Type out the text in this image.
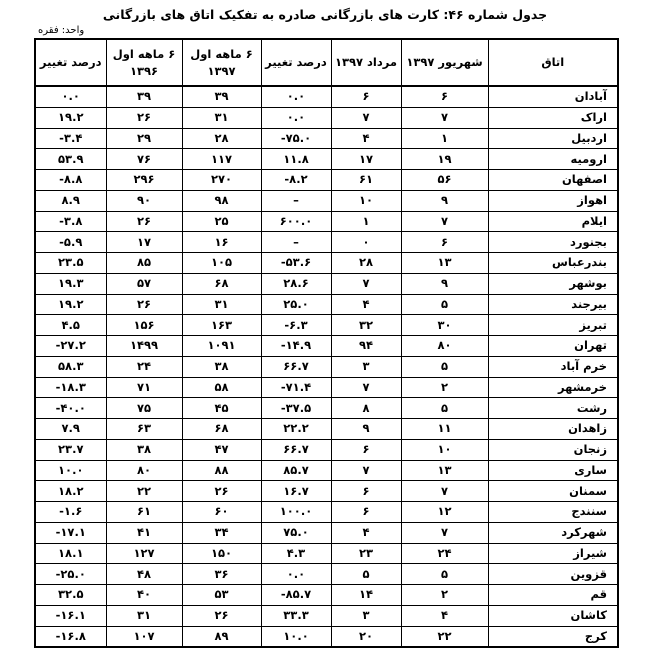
جدول شماره ۴۶: کارت های بازرگانی صادره به تفکیک اتاق های بازرگانی
واحد: فقره
اتاق	شهریور ۱۳۹۷	مرداد ۱۳۹۷	درصد تغییر	۶ ماهه اول ۱۳۹۷	۶ ماهه اول ۱۳۹۶	درصد تغییر
آبادان	۶	۶	۰.۰	۳۹	۳۹	۰.۰
اراک	۷	۷	۰.۰	۳۱	۲۶	۱۹.۲
اردبیل	۱	۴	-۷۵.۰	۲۸	۲۹	-۳.۴
ارومیه	۱۹	۱۷	۱۱.۸	۱۱۷	۷۶	۵۳.۹
اصفهان	۵۶	۶۱	-۸.۲	۲۷۰	۲۹۶	-۸.۸
اهواز	۹	۱۰	–	۹۸	۹۰	۸.۹
ایلام	۷	۱	۶۰۰.۰	۲۵	۲۶	-۳.۸
بجنورد	۶	۰	–	۱۶	۱۷	-۵.۹
بندرعباس	۱۳	۲۸	-۵۳.۶	۱۰۵	۸۵	۲۳.۵
بوشهر	۹	۷	۲۸.۶	۶۸	۵۷	۱۹.۳
بیرجند	۵	۴	۲۵.۰	۳۱	۲۶	۱۹.۲
تبریز	۳۰	۳۲	-۶.۳	۱۶۳	۱۵۶	۴.۵
تهران	۸۰	۹۴	-۱۴.۹	۱۰۹۱	۱۴۹۹	-۲۷.۲
خرم آباد	۵	۳	۶۶.۷	۳۸	۲۴	۵۸.۳
خرمشهر	۲	۷	-۷۱.۴	۵۸	۷۱	-۱۸.۳
رشت	۵	۸	-۳۷.۵	۴۵	۷۵	-۴۰.۰
زاهدان	۱۱	۹	۲۲.۲	۶۸	۶۳	۷.۹
زنجان	۱۰	۶	۶۶.۷	۴۷	۳۸	۲۳.۷
ساری	۱۳	۷	۸۵.۷	۸۸	۸۰	۱۰.۰
سمنان	۷	۶	۱۶.۷	۲۶	۲۲	۱۸.۲
سنندج	۱۲	۶	۱۰۰.۰	۶۰	۶۱	-۱.۶
شهرکرد	۷	۴	۷۵.۰	۳۴	۴۱	-۱۷.۱
شیراز	۲۴	۲۳	۴.۳	۱۵۰	۱۲۷	۱۸.۱
قزوین	۵	۵	۰.۰	۳۶	۴۸	-۲۵.۰
قم	۲	۱۴	-۸۵.۷	۵۳	۴۰	۳۲.۵
کاشان	۴	۳	۳۳.۳	۲۶	۳۱	-۱۶.۱
کرج	۲۲	۲۰	۱۰.۰	۸۹	۱۰۷	-۱۶.۸
